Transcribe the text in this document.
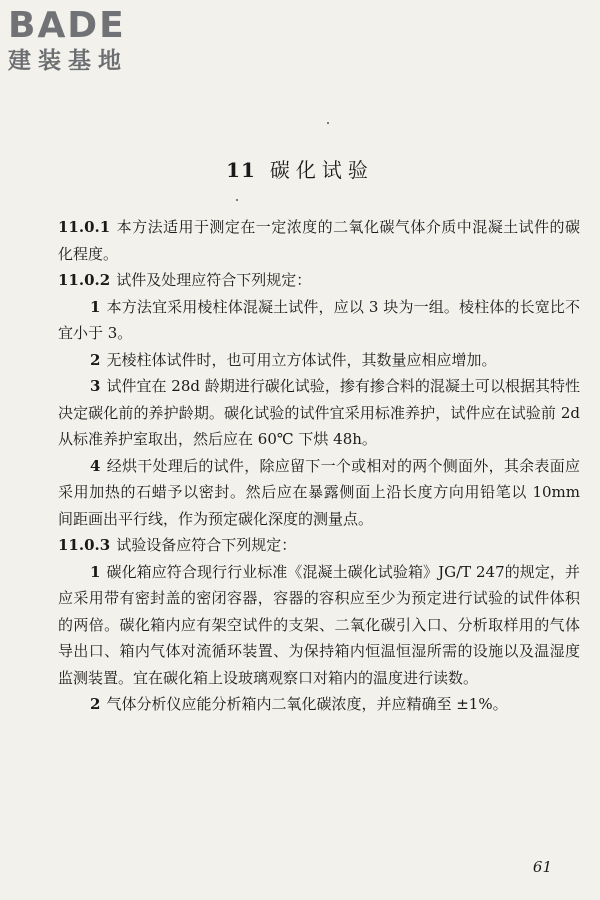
BADE
建装基地
11 碳化试验

11.0.1 本方法适用于测定在一定浓度的二氧化碳气体介质中混凝土试件的碳化程度。

11.0.2 试件及处理应符合下列规定：

1 本方法宜采用棱柱体混凝土试件，应以 3 块为一组。棱柱体的长宽比不宜小于 3。

2 无棱柱体试件时，也可用立方体试件，其数量应相应增加。

3 试件宜在 28d 龄期进行碳化试验，掺有掺合料的混凝土可以根据其特性决定碳化前的养护龄期。碳化试验的试件宜采用标准养护，试件应在试验前 2d 从标准养护室取出，然后应在 60℃ 下烘 48h。

4 经烘干处理后的试件，除应留下一个或相对的两个侧面外，其余表面应采用加热的石蜡予以密封。然后应在暴露侧面上沿长度方向用铅笔以 10mm 间距画出平行线，作为预定碳化深度的测量点。

11.0.3 试验设备应符合下列规定：

1 碳化箱应符合现行行业标准《混凝土碳化试验箱》JG/T 247的规定，并应采用带有密封盖的密闭容器，容器的容积应至少为预定进行试验的试件体积的两倍。碳化箱内应有架空试件的支架、二氧化碳引入口、分析取样用的气体导出口、箱内气体对流循环装置、为保持箱内恒温恒湿所需的设施以及温湿度监测装置。宜在碳化箱上设玻璃观察口对箱内的温度进行读数。

2 气体分析仪应能分析箱内二氧化碳浓度，并应精确至 ±1%。

61
